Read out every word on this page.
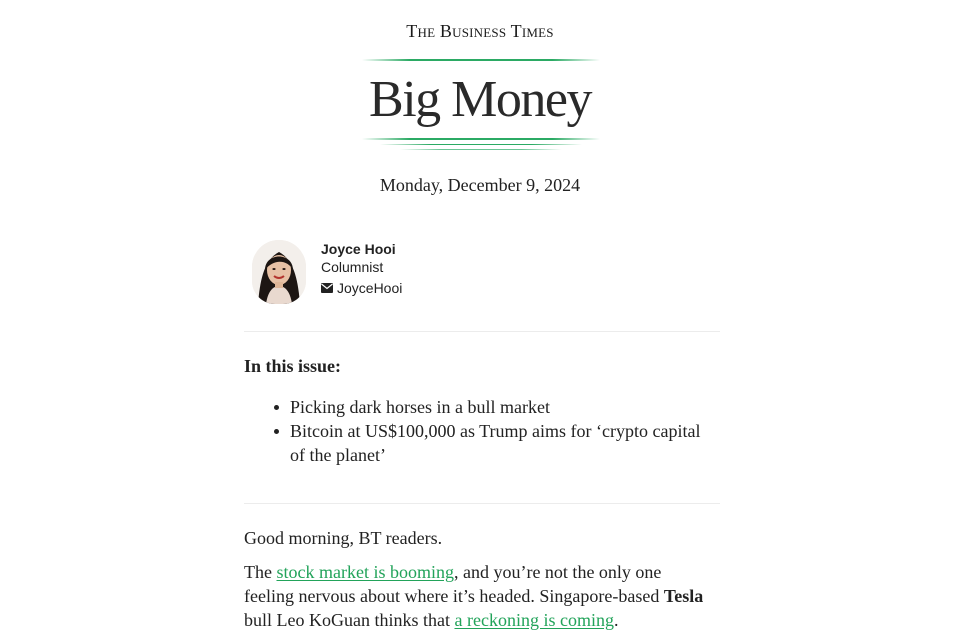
The Business Times
Big Money
Monday, December 9, 2024
Joyce Hooi
Columnist
JoyceHooi
In this issue:
Picking dark horses in a bull market
Bitcoin at US$100,000 as Trump aims for ‘crypto capital of the planet’
Good morning, BT readers.

The stock market is booming, and you’re not the only one feeling nervous about where it’s headed. Singapore-based Tesla bull Leo KoGuan thinks that a reckoning is coming.
